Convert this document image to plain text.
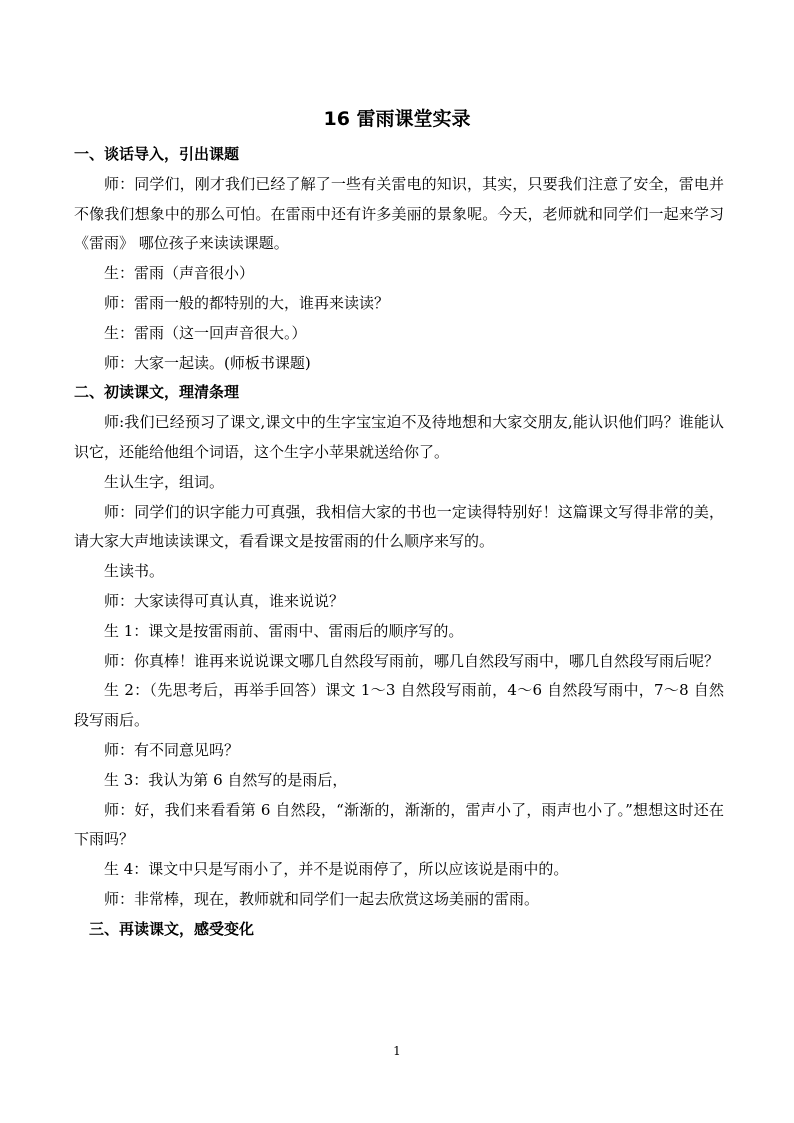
16 雷雨课堂实录
一、谈话导入，引出课题
师：同学们，刚才我们已经了解了一些有关雷电的知识，其实，只要我们注意了安全，雷电并不像我们想象中的那么可怕。在雷雨中还有许多美丽的景象呢。今天，老师就和同学们一起来学习《雷雨》 哪位孩子来读读课题。
生：雷雨（声音很小）
师：雷雨一般的都特别的大，谁再来读读？
生：雷雨（这一回声音很大。）
师：大家一起读。(师板书课题)
二、初读课文，理清条理
师:我们已经预习了课文,课文中的生字宝宝迫不及待地想和大家交朋友,能认识他们吗？谁能认识它，还能给他组个词语，这个生字小苹果就送给你了。
生认生字，组词。
师：同学们的识字能力可真强，我相信大家的书也一定读得特别好！这篇课文写得非常的美，请大家大声地读读课文，看看课文是按雷雨的什么顺序来写的。
生读书。
师：大家读得可真认真，谁来说说？
生 1：课文是按雷雨前、雷雨中、雷雨后的顺序写的。
师：你真棒！谁再来说说课文哪几自然段写雨前，哪几自然段写雨中，哪几自然段写雨后呢？
生 2：（先思考后，再举手回答）课文 1～3 自然段写雨前，4～6 自然段写雨中，7～8 自然段写雨后。
师：有不同意见吗？
生 3：我认为第 6 自然写的是雨后，
师：好，我们来看看第 6 自然段，“渐渐的，渐渐的，雷声小了，雨声也小了。”想想这时还在下雨吗？
生 4：课文中只是写雨小了，并不是说雨停了，所以应该说是雨中的。
师：非常棒，现在，教师就和同学们一起去欣赏这场美丽的雷雨。
三、再读课文，感受变化
1
